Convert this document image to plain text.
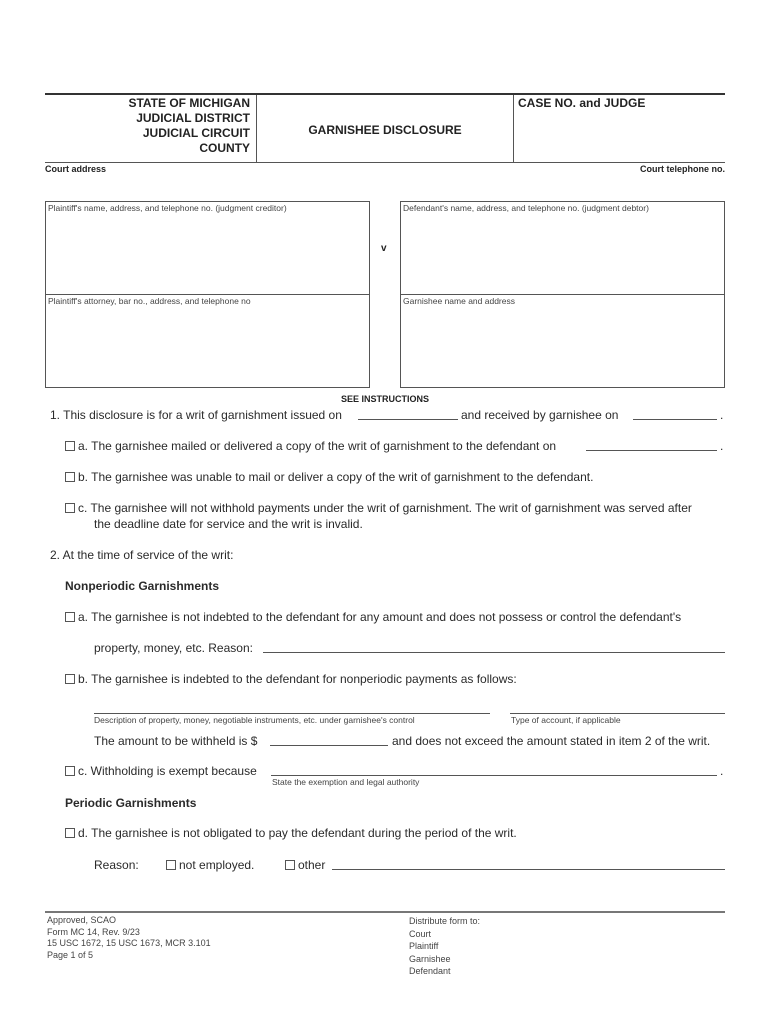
STATE OF MICHIGAN
JUDICIAL DISTRICT
JUDICIAL CIRCUIT
COUNTY
GARNISHEE DISCLOSURE
CASE NO. and JUDGE
Court address	Court telephone no.
Plaintiff's name, address, and telephone no. (judgment creditor)
Plaintiff's attorney, bar no., address, and telephone no
v
Defendant's name, address, and telephone no. (judgment debtor)
Garnishee name and address
SEE INSTRUCTIONS
1. This disclosure is for a writ of garnishment issued on	and received by garnishee on	.
a. The garnishee mailed or delivered a copy of the writ of garnishment to the defendant on	.
b. The garnishee was unable to mail or deliver a copy of the writ of garnishment to the defendant.
c. The garnishee will not withhold payments under the writ of garnishment. The writ of garnishment was served after
the deadline date for service and the writ is invalid.
2. At the time of service of the writ:
Nonperiodic Garnishments
a. The garnishee is not indebted to the defendant for any amount and does not possess or control the defendant's
property, money, etc. Reason:
b. The garnishee is indebted to the defendant for nonperiodic payments as follows:
Description of property, money, negotiable instruments, etc. under garnishee's control	Type of account, if applicable
The amount to be withheld is $	and does not exceed the amount stated in item 2 of the writ.
c. Withholding is exempt because	.
State the exemption and legal authority
Periodic Garnishments
d. The garnishee is not obligated to pay the defendant during the period of the writ.
Reason:	not employed.	other
Approved, SCAO
Form MC 14, Rev. 9/23
15 USC 1672, 15 USC 1673, MCR 3.101
Page 1 of 5
Distribute form to:
Court
Plaintiff
Garnishee
Defendant
